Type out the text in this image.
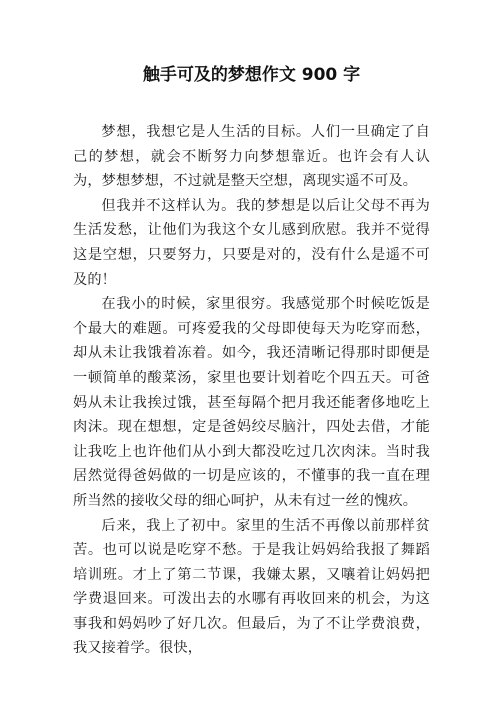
触手可及的梦想作文 900 字

梦想，我想它是人生活的目标。人们一旦确定了自己的梦想，就会不断努力向梦想靠近。也许会有人认为，梦想梦想，不过就是整天空想，离现实遥不可及。

但我并不这样认为。我的梦想是以后让父母不再为生活发愁，让他们为我这个女儿感到欣慰。我并不觉得这是空想，只要努力，只要是对的，没有什么是遥不可及的！

在我小的时候，家里很穷。我感觉那个时候吃饭是个最大的难题。可疼爱我的父母即使每天为吃穿而愁，却从未让我饿着冻着。如今，我还清晰记得那时即便是一顿简单的酸菜汤，家里也要计划着吃个四五天。可爸妈从未让我挨过饿，甚至每隔个把月我还能奢侈地吃上肉沫。现在想想，定是爸妈绞尽脑汁，四处去借，才能让我吃上也许他们从小到大都没吃过几次肉沫。当时我居然觉得爸妈做的一切是应该的，不懂事的我一直在理所当然的接收父母的细心呵护，从未有过一丝的愧疚。

后来，我上了初中。家里的生活不再像以前那样贫苦。也可以说是吃穿不愁。于是我让妈妈给我报了舞蹈培训班。才上了第二节课，我嫌太累，又嚷着让妈妈把学费退回来。可泼出去的水哪有再收回来的机会，为这事我和妈妈吵了好几次。但最后，为了不让学费浪费，我又接着学。很快，
